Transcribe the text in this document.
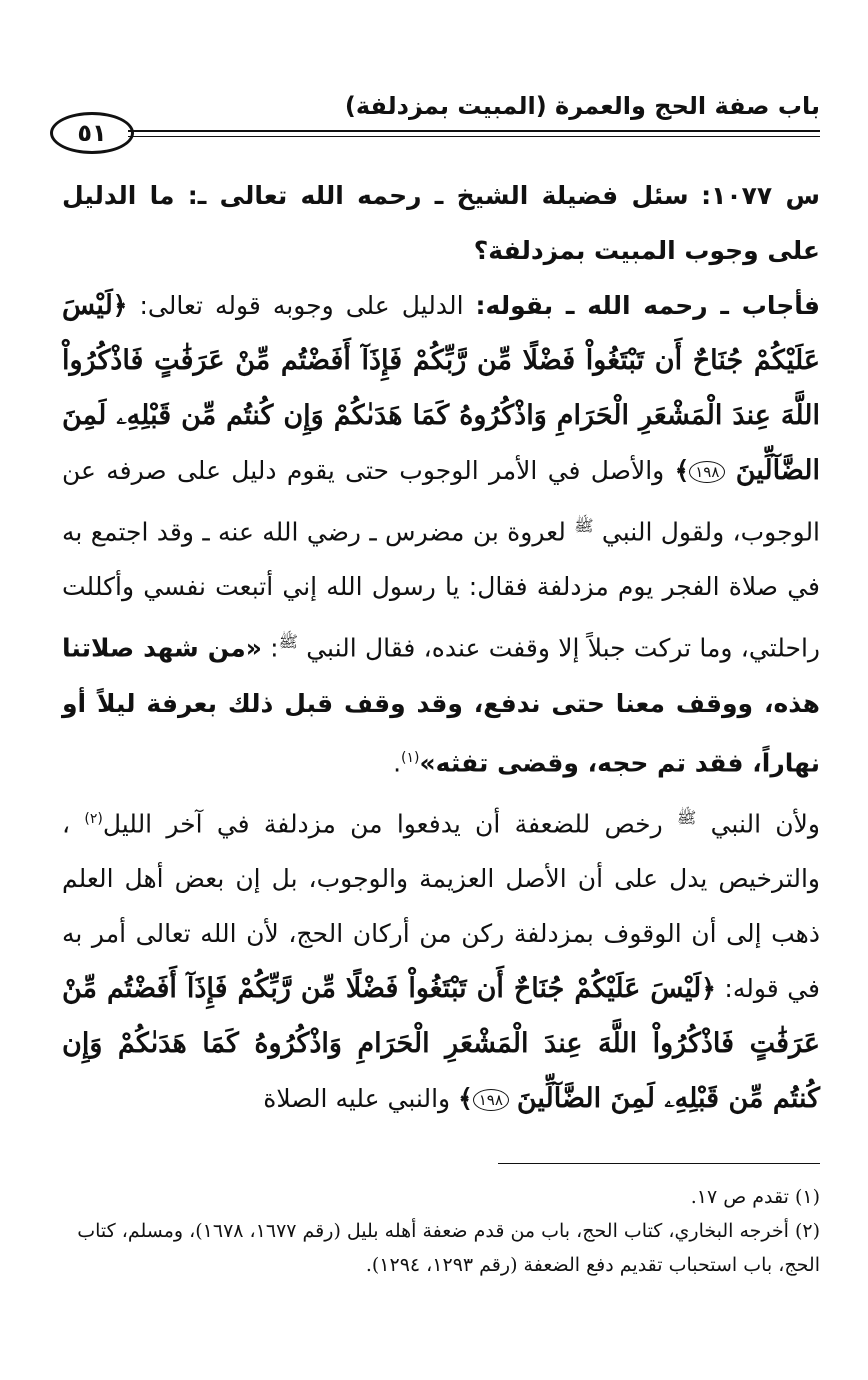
٥١
باب صفة الحج والعمرة (المبيت بمزدلفة)

س ١٠٧٧: سئل فضيلة الشيخ ـ رحمه الله تعالى ـ: ما الدليل على وجوب المبيت بمزدلفة؟

فأجاب ـ رحمه الله ـ بقوله: الدليل على وجوبه قوله تعالى: ﴿لَيْسَ عَلَيْكُمْ جُنَاحٌ أَن تَبْتَغُواْ فَضْلًا مِّن رَّبِّكُمْ فَإِذَآ أَفَضْتُم مِّنْ عَرَفَٰتٍ فَاذْكُرُواْ اللَّهَ عِندَ الْمَشْعَرِ الْحَرَامِ وَاذْكُرُوهُ كَمَا هَدَىٰكُمْ وَإِن كُنتُم مِّن قَبْلِهِۦ لَمِنَ الضَّآلِّينَ ١٩٨﴾ والأصل في الأمر الوجوب حتى يقوم دليل على صرفه عن الوجوب، ولقول النبي $^ﷺ$ لعروة بن مضرس ـ رضي الله عنه ـ وقد اجتمع به في صلاة الفجر يوم مزدلفة فقال: يا رسول الله إني أتبعت نفسي وأكللت راحلتي، وما تركت جبلاً إلا وقفت عنده، فقال النبي $^ﷺ$: «من شهد صلاتنا هذه، ووقف معنا حتى ندفع، وقد وقف قبل ذلك بعرفة ليلاً أو نهاراً، فقد تم حجه، وقضى تفثه»$^{(١)}$.

ولأن النبي $^ﷺ$ رخص للضعفة أن يدفعوا من مزدلفة في آخر الليل$^{(٢)}$ ، والترخيص يدل على أن الأصل العزيمة والوجوب، بل إن بعض أهل العلم ذهب إلى أن الوقوف بمزدلفة ركن من أركان الحج، لأن الله تعالى أمر به في قوله: ﴿لَيْسَ عَلَيْكُمْ جُنَاحٌ أَن تَبْتَغُواْ فَضْلًا مِّن رَّبِّكُمْ فَإِذَآ أَفَضْتُم مِّنْ عَرَفَٰتٍ فَاذْكُرُواْ اللَّهَ عِندَ الْمَشْعَرِ الْحَرَامِ وَاذْكُرُوهُ كَمَا هَدَىٰكُمْ وَإِن كُنتُم مِّن قَبْلِهِۦ لَمِنَ الضَّآلِّينَ ١٩٨﴾ والنبي عليه الصلاة

(١) تقدم ص ١٧.

(٢) أخرجه البخاري، كتاب الحج، باب من قدم ضعفة أهله بليل (رقم ١٦٧٧، ١٦٧٨)، ومسلم، كتاب الحج، باب استحباب تقديم دفع الضعفة (رقم ١٢٩٣، ١٢٩٤).
